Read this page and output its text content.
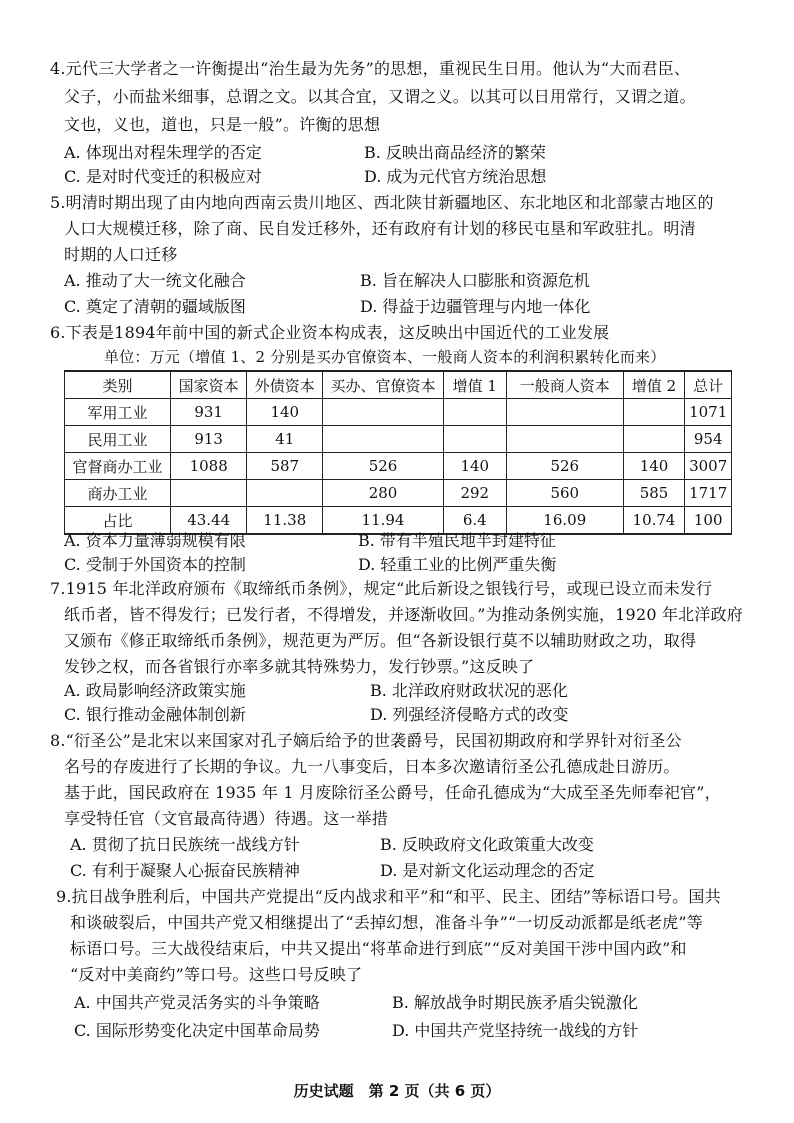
4.元代三大学者之一许衡提出“治生最为先务”的思想，重视民生日用。他认为“大而君臣、
父子，小而盐米细事，总谓之文。以其合宜，又谓之义。以其可以日用常行，又谓之道。
文也，义也，道也，只是一般”。许衡的思想
A. 体现出对程朱理学的否定	B. 反映出商品经济的繁荣
C. 是对时代变迁的积极应对	D. 成为元代官方统治思想
5.明清时期出现了由内地向西南云贵川地区、西北陕甘新疆地区、东北地区和北部蒙古地区的
人口大规模迁移，除了商、民自发迁移外，还有政府有计划的移民屯垦和军政驻扎。明清
时期的人口迁移
A. 推动了大一统文化融合	B. 旨在解决人口膨胀和资源危机
C. 奠定了清朝的疆域版图	D. 得益于边疆管理与内地一体化
6.下表是1894年前中国的新式企业资本构成表，这反映出中国近代的工业发展
单位：万元（增值 1、2 分别是买办官僚资本、一般商人资本的利润积累转化而来）
类别	国家资本	外债资本	买办、官僚资本	增值 1	一般商人资本	增值 2	总计
军用工业	931	140					1071
民用工业	913	41					954
官督商办工业	1088	587	526	140	526	140	3007
商办工业			280	292	560	585	1717
占比	43.44	11.38	11.94	6.4	16.09	10.74	100
A. 资本力量薄弱规模有限	B. 带有半殖民地半封建特征
C. 受制于外国资本的控制	D. 轻重工业的比例严重失衡
7.1915 年北洋政府颁布《取缔纸币条例》，规定“此后新设之银钱行号，或现已设立而未发行
纸币者，皆不得发行；已发行者，不得增发，并逐渐收回。”为推动条例实施，1920 年北洋政府
又颁布《修正取缔纸币条例》，规范更为严厉。但“各新设银行莫不以辅助财政之功，取得
发钞之权，而各省银行亦率多就其特殊势力，发行钞票。”这反映了
A. 政局影响经济政策实施	B. 北洋政府财政状况的恶化
C. 银行推动金融体制创新	D. 列强经济侵略方式的改变
8.“衍圣公”是北宋以来国家对孔子嫡后给予的世袭爵号，民国初期政府和学界针对衍圣公
名号的存废进行了长期的争议。九一八事变后，日本多次邀请衍圣公孔德成赴日游历。
基于此，国民政府在 1935 年 1 月废除衍圣公爵号，任命孔德成为“大成至圣先师奉祀官”，
享受特任官（文官最高待遇）待遇。这一举措
A. 贯彻了抗日民族统一战线方针	B. 反映政府文化政策重大改变
C. 有利于凝聚人心振奋民族精神	D. 是对新文化运动理念的否定
9.抗日战争胜利后，中国共产党提出“反内战求和平”和“和平、民主、团结”等标语口号。国共
和谈破裂后，中国共产党又相继提出了“丢掉幻想，准备斗争”“一切反动派都是纸老虎”等
标语口号。三大战役结束后，中共又提出“将革命进行到底”“反对美国干涉中国内政”和
“反对中美商约”等口号。这些口号反映了
A. 中国共产党灵活务实的斗争策略	B. 解放战争时期民族矛盾尖锐激化
C. 国际形势变化决定中国革命局势	D. 中国共产党坚持统一战线的方针
历史试题　第 2 页（共 6 页）
